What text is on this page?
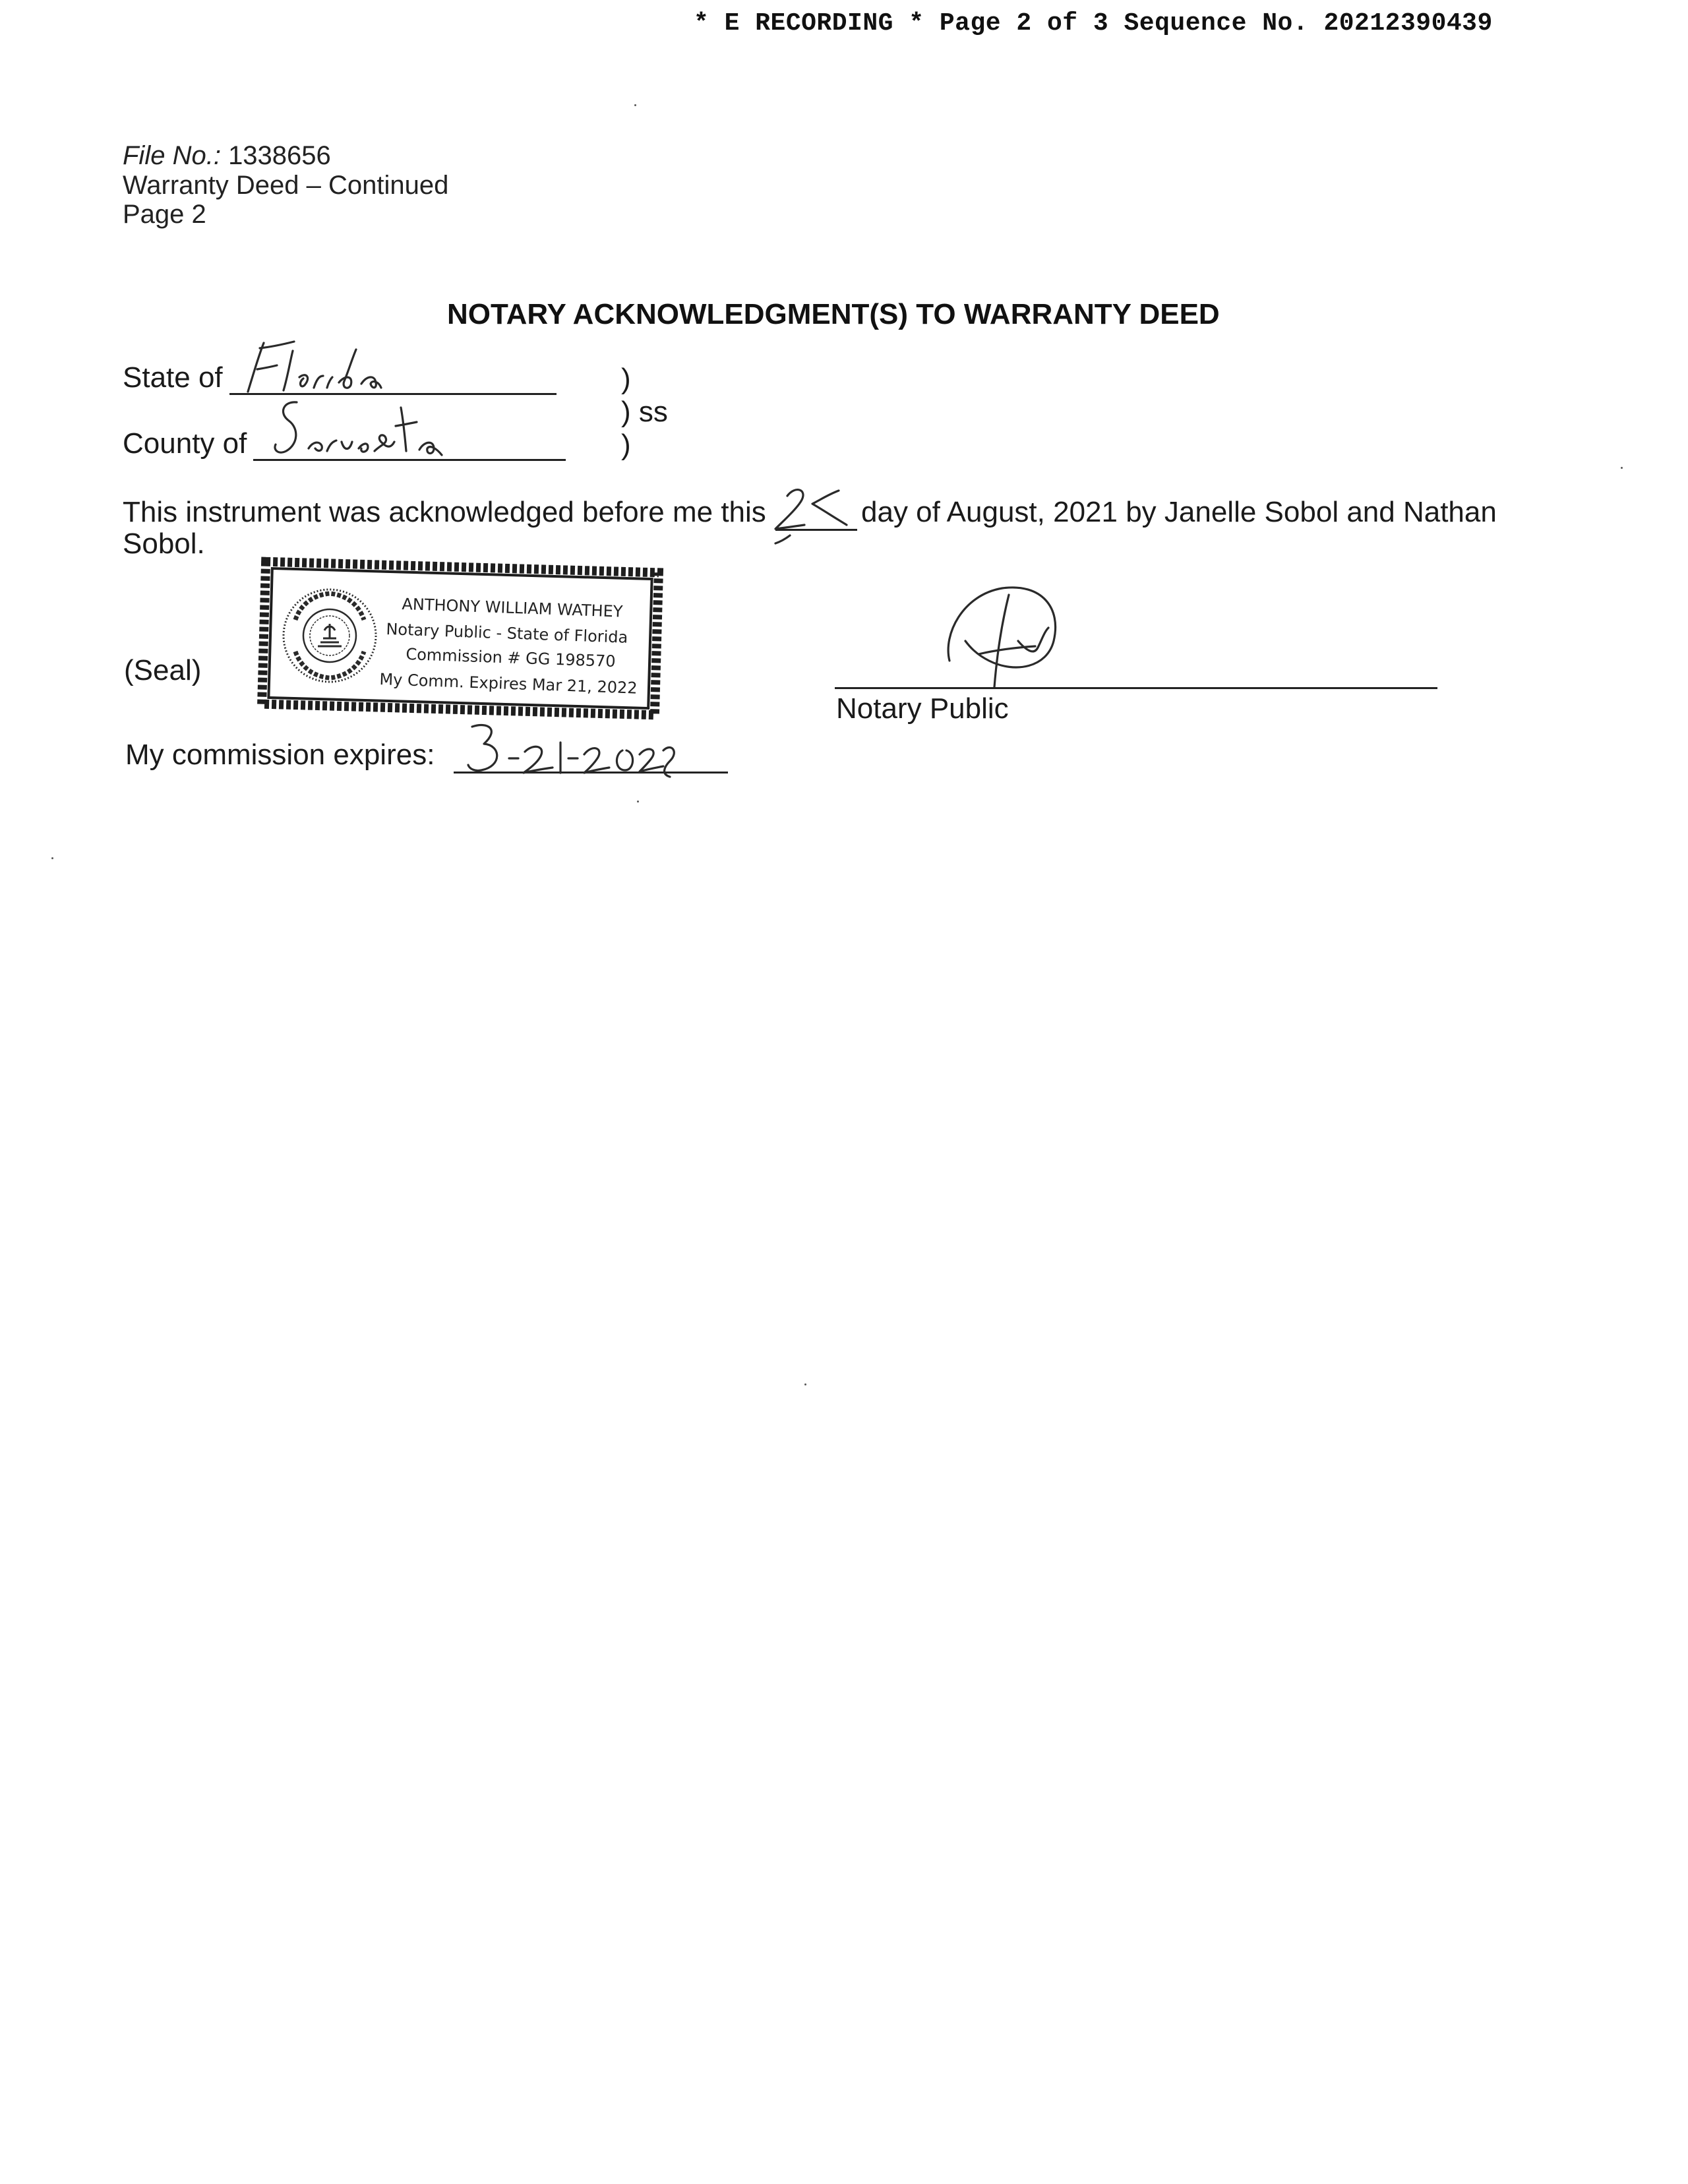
* E RECORDING * Page 2 of 3 Sequence No. 20212390439
File No.: 1338656
Warranty Deed – Continued
Page 2
NOTARY ACKNOWLEDGMENT(S) TO WARRANTY DEED
State of
County of
)
) ss
)
This instrument was acknowledged before me this	day of August, 2021 by Janelle Sobol and Nathan
Sobol.
(Seal)
ANTHONY WILLIAM WATHEY
Notary Public - State of Florida
Commission # GG 198570
My Comm. Expires Mar 21, 2022
Notary Public
My commission expires:
